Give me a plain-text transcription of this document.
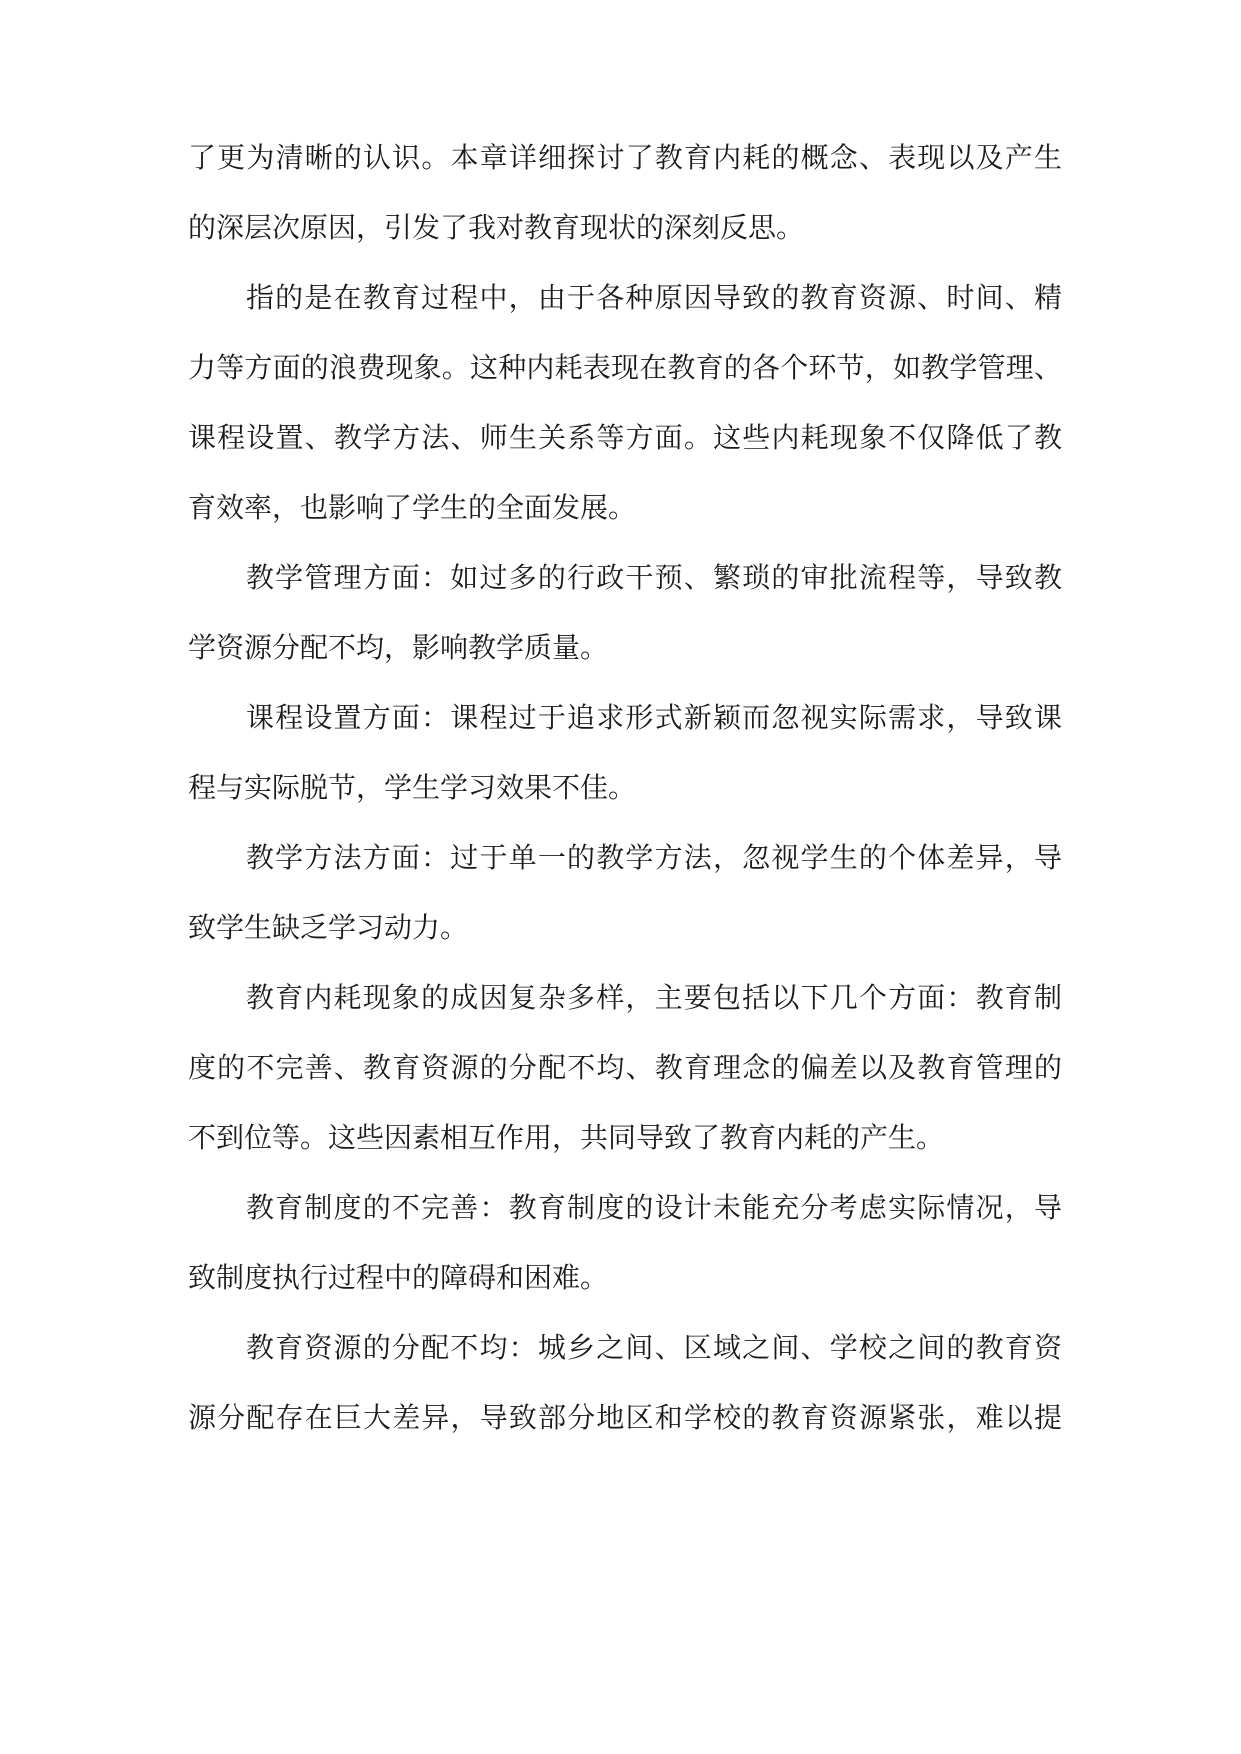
了更为清晰的认识。本章详细探讨了教育内耗的概念、表现以及产生
的深层次原因，引发了我对教育现状的深刻反思。
指的是在教育过程中，由于各种原因导致的教育资源、时间、精
力等方面的浪费现象。这种内耗表现在教育的各个环节，如教学管理、
课程设置、教学方法、师生关系等方面。这些内耗现象不仅降低了教
育效率，也影响了学生的全面发展。
教学管理方面：如过多的行政干预、繁琐的审批流程等，导致教
学资源分配不均，影响教学质量。
课程设置方面：课程过于追求形式新颖而忽视实际需求，导致课
程与实际脱节，学生学习效果不佳。
教学方法方面：过于单一的教学方法，忽视学生的个体差异，导
致学生缺乏学习动力。
教育内耗现象的成因复杂多样，主要包括以下几个方面：教育制
度的不完善、教育资源的分配不均、教育理念的偏差以及教育管理的
不到位等。这些因素相互作用，共同导致了教育内耗的产生。
教育制度的不完善：教育制度的设计未能充分考虑实际情况，导
致制度执行过程中的障碍和困难。
教育资源的分配不均：城乡之间、区域之间、学校之间的教育资
源分配存在巨大差异，导致部分地区和学校的教育资源紧张，难以提
